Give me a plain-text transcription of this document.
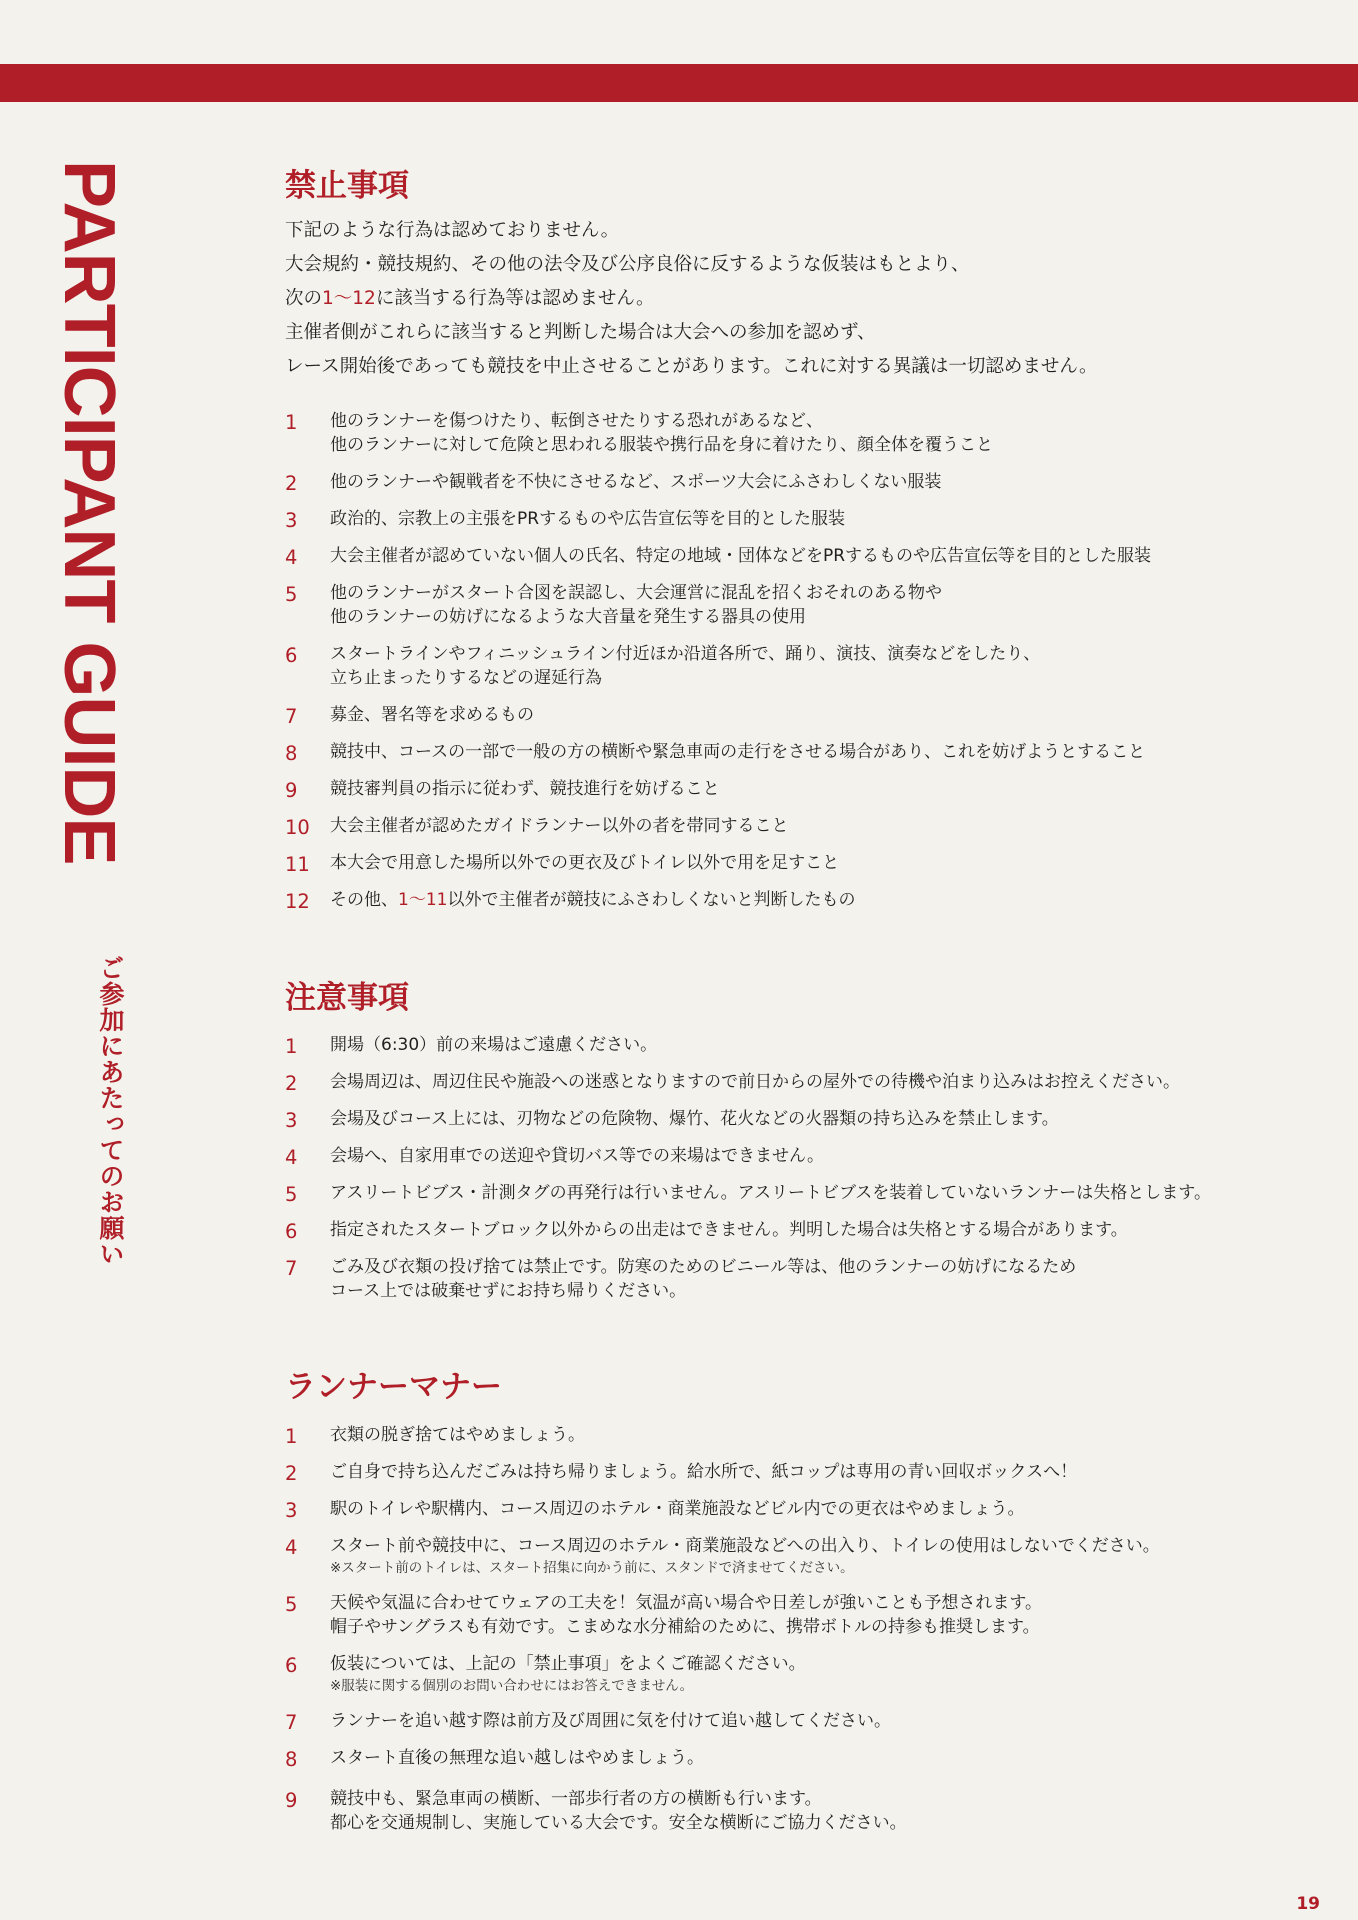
PARTICIPANT GUIDE
ご参加にあたってのお願い
禁止事項
下記のような行為は認めておりません。
大会規約・競技規約、その他の法令及び公序良俗に反するような仮装はもとより、
次の1〜12に該当する行為等は認めません。
主催者側がこれらに該当すると判断した場合は大会への参加を認めず、
レース開始後であっても競技を中止させることがあります。これに対する異議は一切認めません。
1 他のランナーを傷つけたり、転倒させたりする恐れがあるなど、
他のランナーに対して危険と思われる服装や携行品を身に着けたり、顔全体を覆うこと
2 他のランナーや観戦者を不快にさせるなど、スポーツ大会にふさわしくない服装
3 政治的、宗教上の主張をPRするものや広告宣伝等を目的とした服装
4 大会主催者が認めていない個人の氏名、特定の地域・団体などをPRするものや広告宣伝等を目的とした服装
5 他のランナーがスタート合図を誤認し、大会運営に混乱を招くおそれのある物や
他のランナーの妨げになるような大音量を発生する器具の使用
6 スタートラインやフィニッシュライン付近ほか沿道各所で、踊り、演技、演奏などをしたり、
立ち止まったりするなどの遅延行為
7 募金、署名等を求めるもの
8 競技中、コースの一部で一般の方の横断や緊急車両の走行をさせる場合があり、これを妨げようとすること
9 競技審判員の指示に従わず、競技進行を妨げること
10 大会主催者が認めたガイドランナー以外の者を帯同すること
11 本大会で用意した場所以外での更衣及びトイレ以外で用を足すこと
12 その他、1〜11以外で主催者が競技にふさわしくないと判断したもの
注意事項
1 開場（6:30）前の来場はご遠慮ください。
2 会場周辺は、周辺住民や施設への迷惑となりますので前日からの屋外での待機や泊まり込みはお控えください。
3 会場及びコース上には、刃物などの危険物、爆竹、花火などの火器類の持ち込みを禁止します。
4 会場へ、自家用車での送迎や貸切バス等での来場はできません。
5 アスリートビブス・計測タグの再発行は行いません。アスリートビブスを装着していないランナーは失格とします。
6 指定されたスタートブロック以外からの出走はできません。判明した場合は失格とする場合があります。
7 ごみ及び衣類の投げ捨ては禁止です。防寒のためのビニール等は、他のランナーの妨げになるため
コース上では破棄せずにお持ち帰りください。
ランナーマナー
1 衣類の脱ぎ捨てはやめましょう。
2 ご自身で持ち込んだごみは持ち帰りましょう。給水所で、紙コップは専用の青い回収ボックスへ！
3 駅のトイレや駅構内、コース周辺のホテル・商業施設などビル内での更衣はやめましょう。
4 スタート前や競技中に、コース周辺のホテル・商業施設などへの出入り、トイレの使用はしないでください。
※スタート前のトイレは、スタート招集に向かう前に、スタンドで済ませてください。
5 天候や気温に合わせてウェアの工夫を！気温が高い場合や日差しが強いことも予想されます。
帽子やサングラスも有効です。こまめな水分補給のために、携帯ボトルの持参も推奨します。
6 仮装については、上記の「禁止事項」をよくご確認ください。
※服装に関する個別のお問い合わせにはお答えできません。
7 ランナーを追い越す際は前方及び周囲に気を付けて追い越してください。
8 スタート直後の無理な追い越しはやめましょう。
9 競技中も、緊急車両の横断、一部歩行者の方の横断も行います。
都心を交通規制し、実施している大会です。安全な横断にご協力ください。
19
